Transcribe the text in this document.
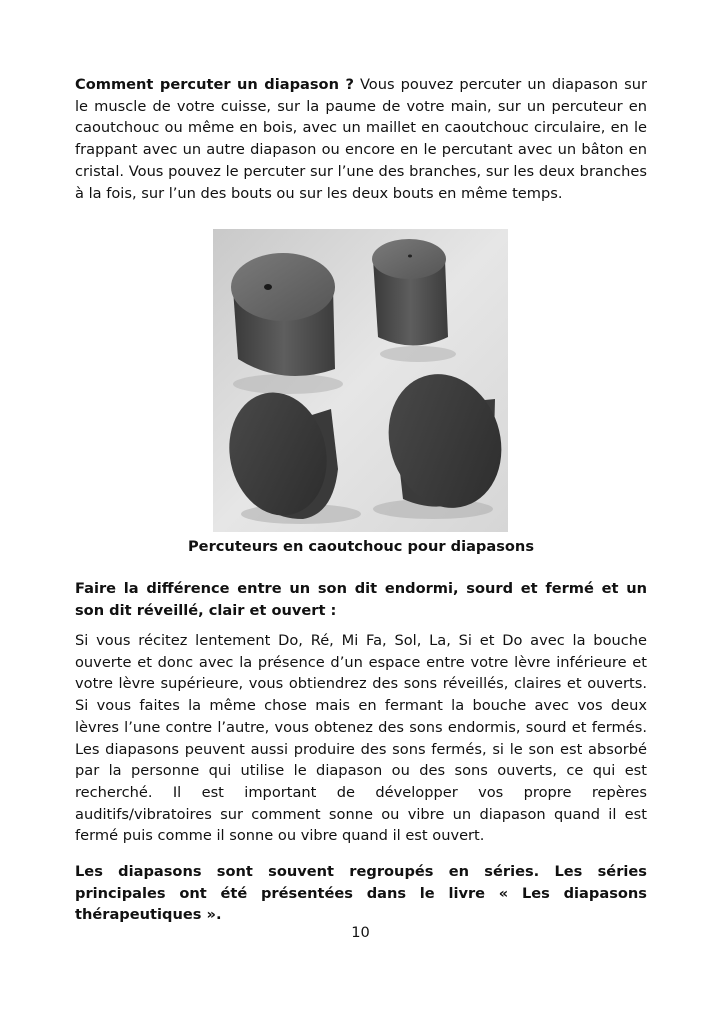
Comment percuter un diapason ? Vous pouvez percuter un diapason sur le muscle de votre cuisse, sur la paume de votre main, sur un percuteur en caoutchouc ou même en bois, avec un maillet en caoutchouc circulaire, en le frappant avec un autre diapason ou encore en le percutant avec un bâton en cristal. Vous pouvez le percuter sur l’une des branches, sur les deux branches à la fois, sur l’un des bouts ou sur les deux bouts en même temps.

Percuteurs en caoutchouc pour diapasons

Faire la différence entre un son dit endormi, sourd et fermé et un son dit réveillé, clair et ouvert :

Si vous récitez lentement Do, Ré, Mi Fa, Sol, La, Si et Do avec la bouche ouverte et donc avec la présence d’un espace entre votre lèvre inférieure et votre lèvre supérieure, vous obtiendrez des sons réveillés, claires et ouverts. Si vous faites la même chose mais en fermant la bouche avec vos deux lèvres l’une contre l’autre, vous obtenez des sons endormis, sourd et fermés. Les diapasons peuvent aussi produire des sons fermés, si le son est absorbé par la personne qui utilise le diapason ou des sons ouverts, ce qui est recherché. Il est important de développer vos propre repères auditifs/vibratoires sur comment sonne ou vibre un diapason quand il est fermé puis comme il sonne ou vibre quand il est ouvert.

Les diapasons sont souvent regroupés en séries. Les séries principales ont été présentées dans le livre « Les diapasons thérapeutiques ».

10
